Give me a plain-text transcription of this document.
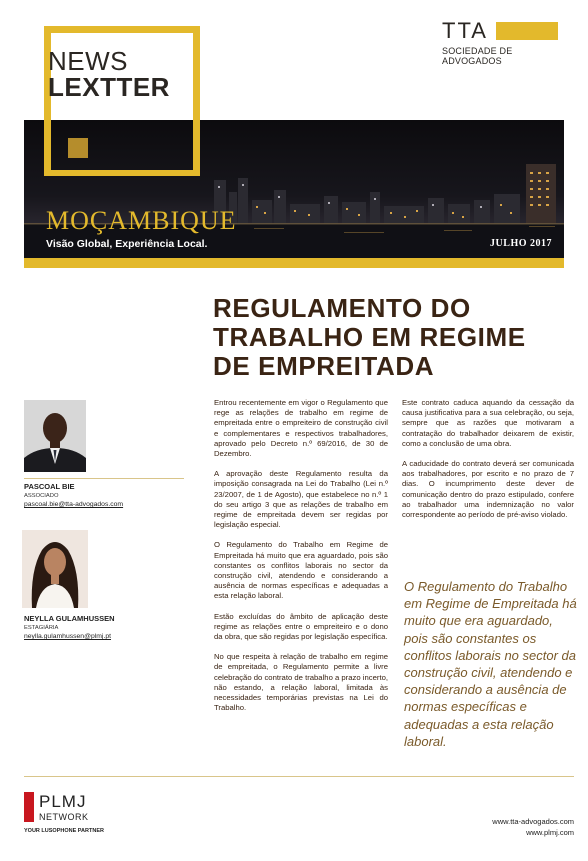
NEWS
LEXTTER
TTA
SOCIEDADE DE ADVOGADOS
MOÇAMBIQUE
Visão Global, Experiência Local.	JULHO 2017
REGULAMENTO DO
TRABALHO EM REGIME
DE EMPREITADA
PASCOAL BIE
ASSOCIADO
pascoal.bie@tta-advogados.com
NEYLLA GULAMHUSSEN
ESTAGIÁRIA
neylla.gulamhussen@plmj.pt

Entrou recentemente em vigor o Regulamento que rege as relações de trabalho em regime de empreitada entre o empreiteiro de construção civil e complementares e respectivos trabalhadores, aprovado pelo Decreto n.º 69/2016, de 30 de Dezembro.

A aprovação deste Regulamento resulta da imposição consagrada na Lei do Trabalho (Lei n.º 23/2007, de 1 de Agosto), que estabelece no n.º 1 do seu artigo 3 que as relações de trabalho em regime de empreitada devem ser regidas por legislação especial.

O Regulamento do Trabalho em Regime de Empreitada há muito que era aguardado, pois são constantes os conflitos laborais no sector da construção civil, atendendo e considerando a ausência de normas específicas e adequadas a esta relação laboral.

Estão excluídas do âmbito de aplicação deste regime as relações entre o empreiteiro e o dono da obra, que são regidas por legislação específica.

No que respeita à relação de trabalho em regime de empreitada, o Regulamento permite a livre celebração do contrato de trabalho a prazo incerto, não estando, a relação laboral, limitada às necessidades temporárias previstas na Lei do Trabalho.

Este contrato caduca aquando da cessação da causa justificativa para a sua celebração, ou seja, sempre que as razões que motivaram a contratação do trabalhador deixarem de existir, como a conclusão de uma obra.

A caducidade do contrato deverá ser comunicada aos trabalhadores, por escrito e no prazo de 7 dias. O incumprimento deste dever de comunicação dentro do prazo estipulado, confere ao trabalhador uma indemnização no valor correspondente ao período de pré-aviso violado.

O Regulamento do Trabalho em Regime de Empreitada há muito que era aguardado, pois são constantes os conflitos laborais no sector da construção civil, atendendo e considerando a ausência de normas específicas e adequadas a esta relação laboral.
PLMJ
NETWORK
YOUR LUSOPHONE PARTNER
www.tta-advogados.com
www.plmj.com
